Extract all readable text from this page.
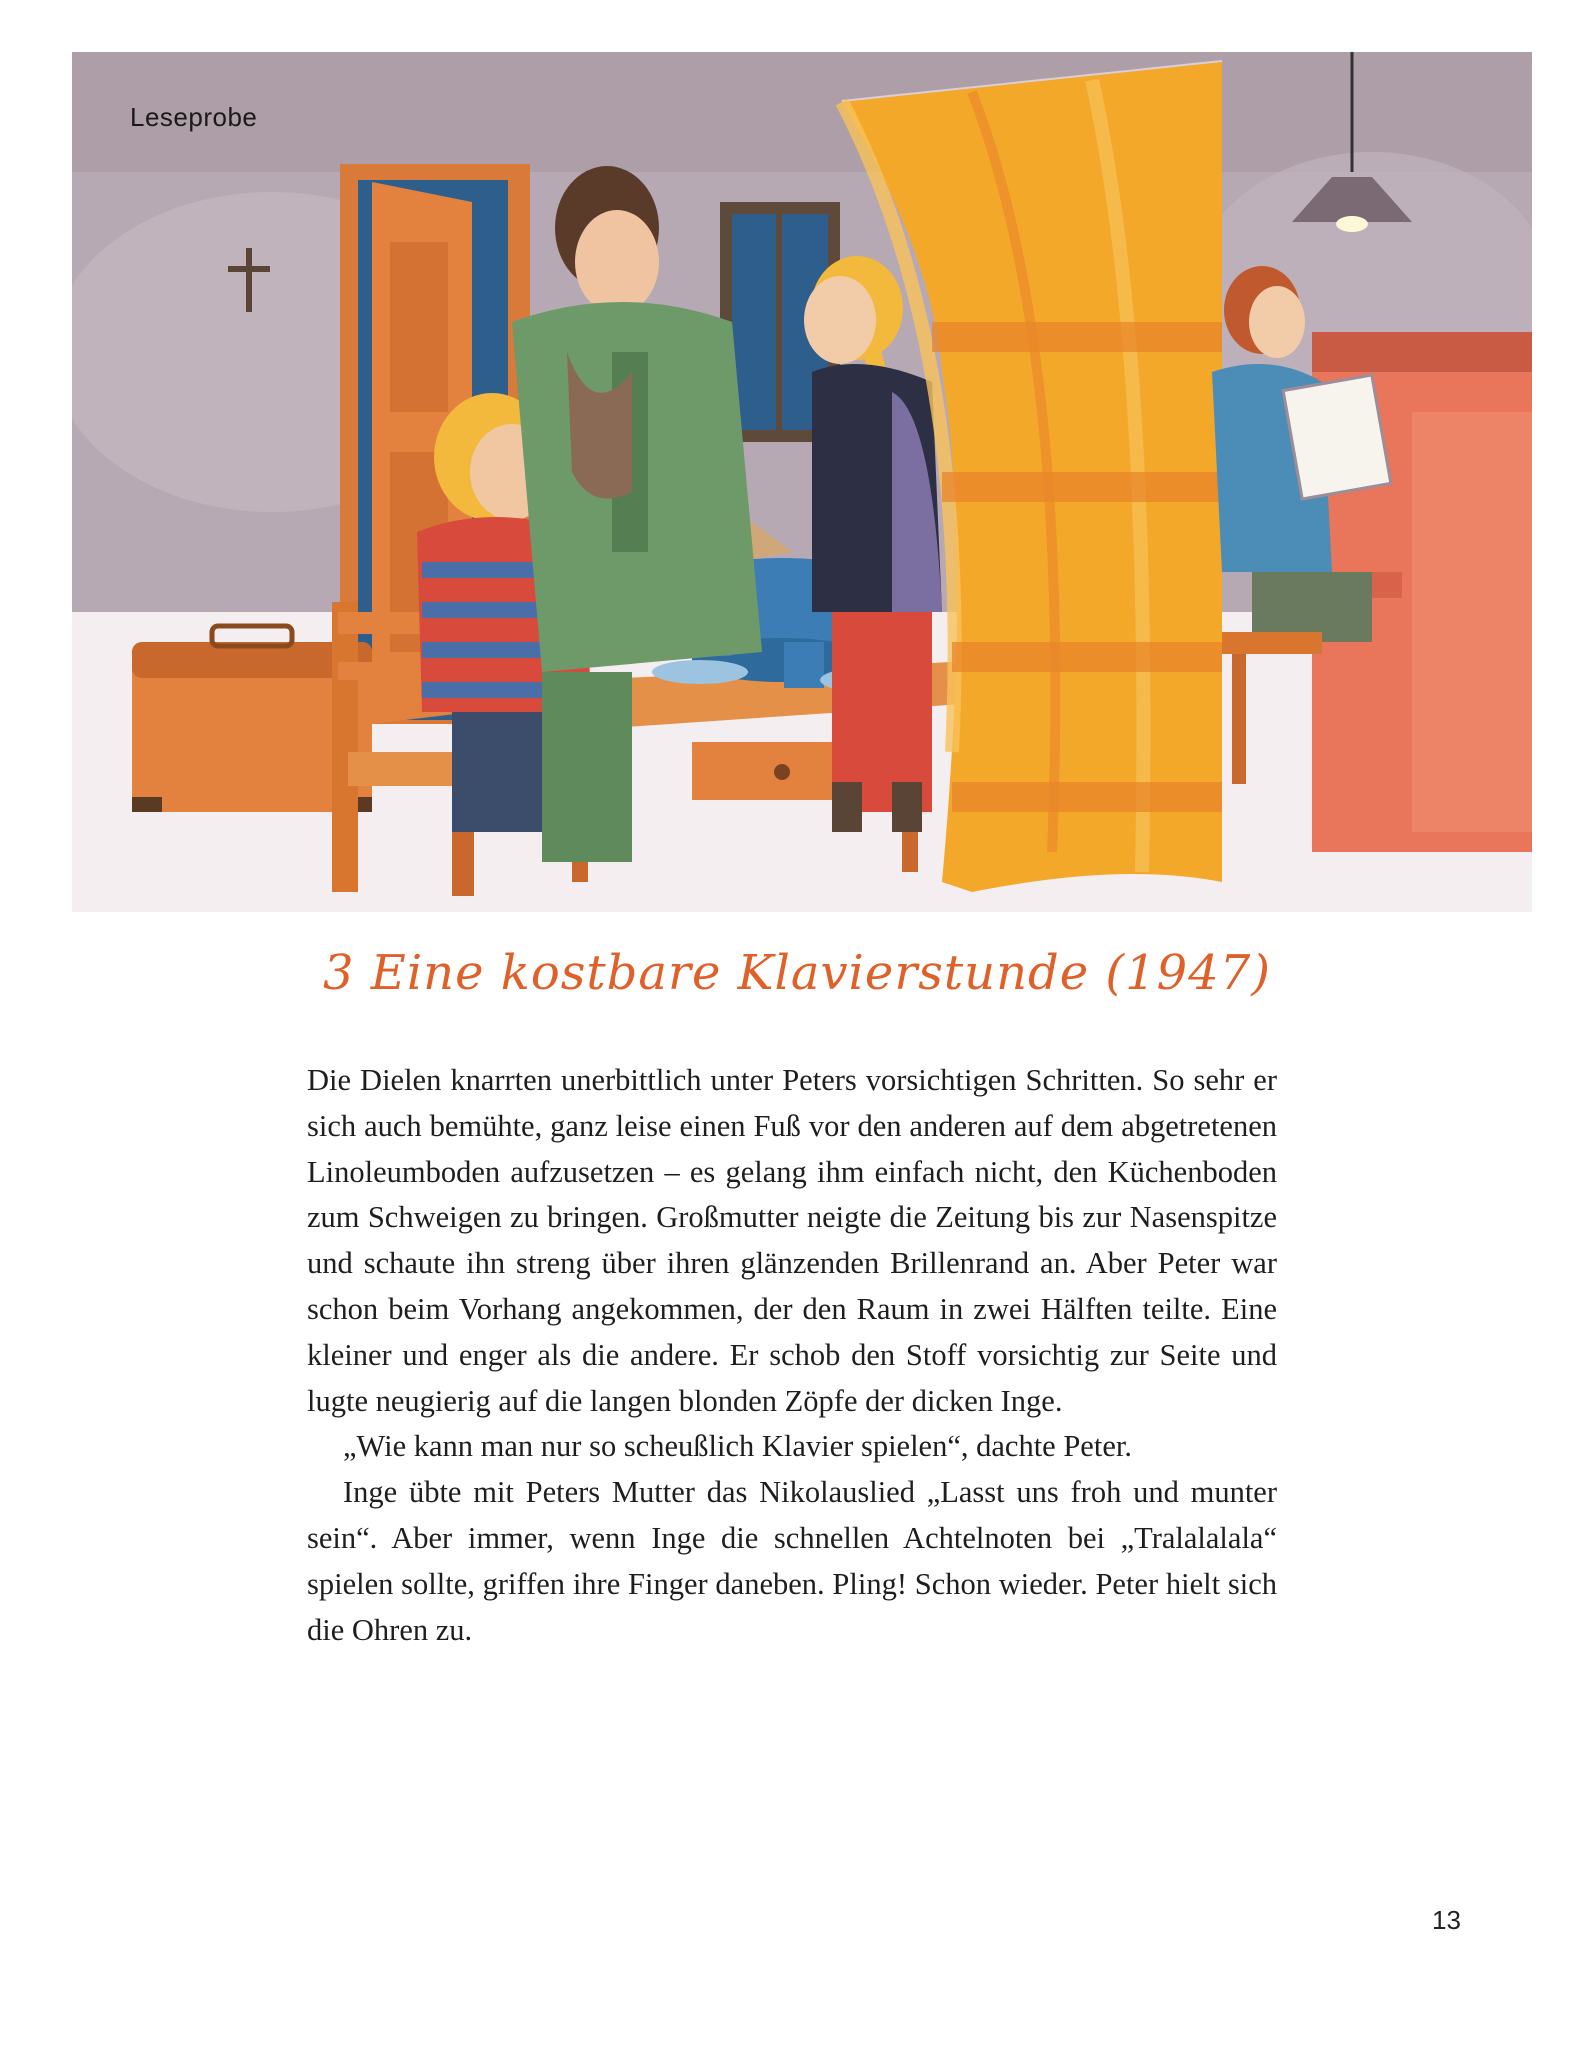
Leseprobe
3 Eine kostbare Klavierstunde (1947)

Die Dielen knarrten unerbittlich unter Peters vorsichtigen Schritten. So sehr er sich auch bemühte, ganz leise einen Fuß vor den anderen auf dem abgetretenen Linoleumboden aufzusetzen – es gelang ihm einfach nicht, den Küchenboden zum Schweigen zu bringen. Großmutter neigte die Zeitung bis zur Nasenspitze und schaute ihn streng über ihren glänzenden Brillenrand an. Aber Peter war schon beim Vorhang angekommen, der den Raum in zwei Hälften teilte. Eine kleiner und enger als die andere. Er schob den Stoff vorsichtig zur Seite und lugte neugierig auf die langen blonden Zöpfe der dicken Inge.

„Wie kann man nur so scheußlich Klavier spielen“, dachte Peter.

Inge übte mit Peters Mutter das Nikolauslied „Lasst uns froh und munter sein“. Aber immer, wenn Inge die schnellen Achtelnoten bei „Tralalalala“ spielen sollte, griffen ihre Finger daneben. Pling! Schon wieder. Peter hielt sich die Ohren zu.

13
